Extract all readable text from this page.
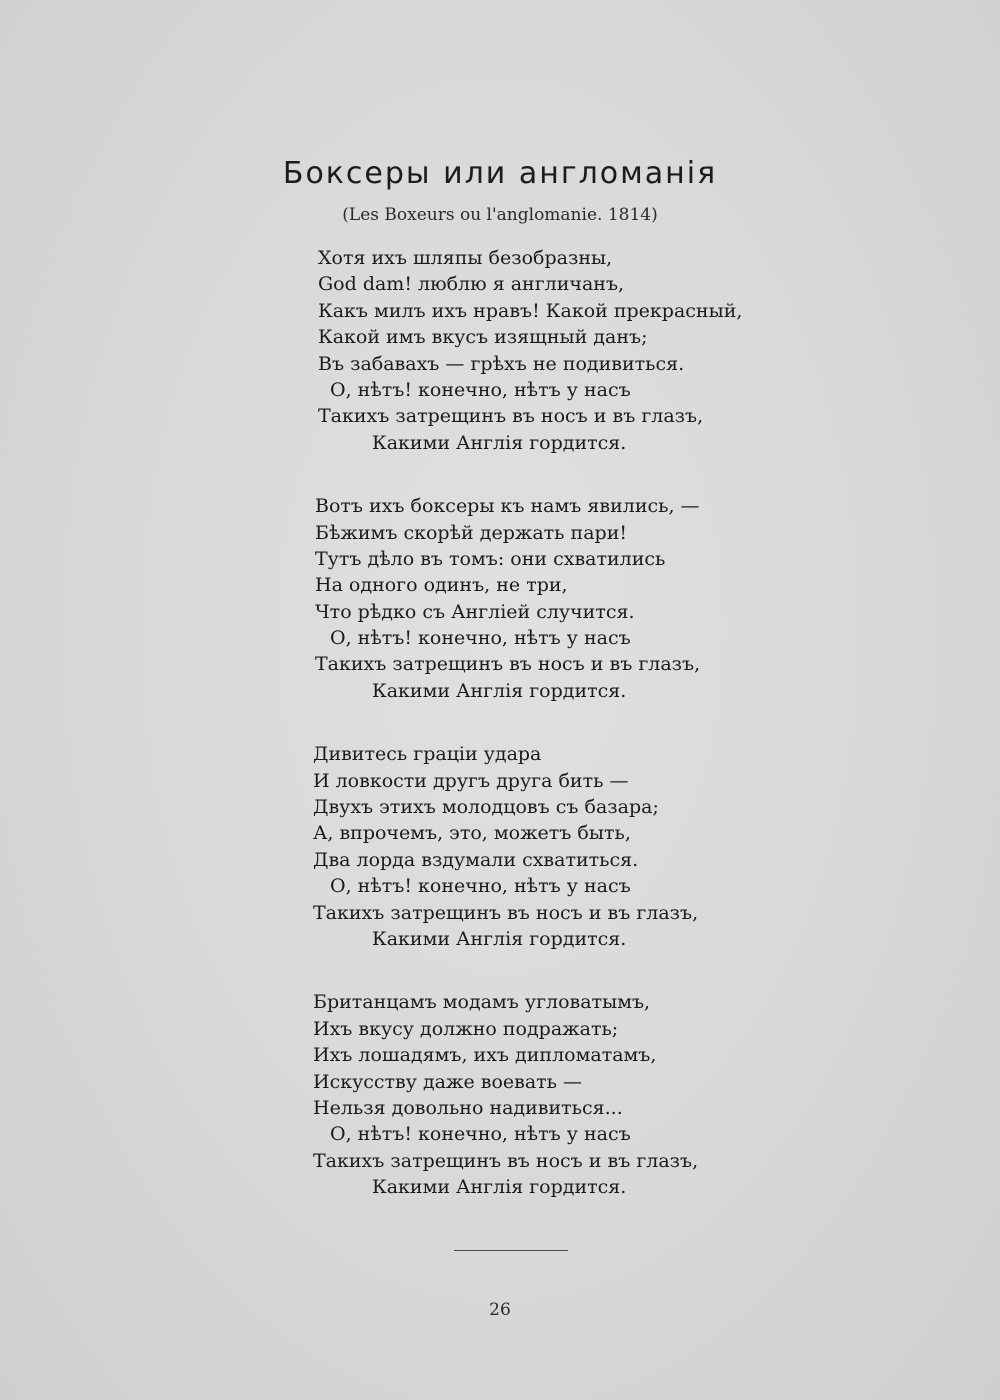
Боксеры или англоманія
(Les Boxeurs ou l'anglomanie. 1814)
Хотя ихъ шляпы безобразны,
God dam! люблю я англичанъ,
Какъ милъ ихъ нравъ! Какой прекрасный,
Какой имъ вкусъ изящный данъ;
Въ забавахъ — грѣхъ не подивиться.
О, нѣтъ! конечно, нѣтъ у насъ
Такихъ затрещинъ въ носъ и въ глазъ,
Какими Англія гордится.
Вотъ ихъ боксеры къ намъ явились, —
Бѣжимъ скорѣй держать пари!
Тутъ дѣло въ томъ: они схватились
На одного одинъ, не три,
Что рѣдко съ Англіей случится.
О, нѣтъ! конечно, нѣтъ у насъ
Такихъ затрещинъ въ носъ и въ глазъ,
Какими Англія гордится.
Дивитесь граціи удара
И ловкости другъ друга бить —
Двухъ этихъ молодцовъ съ базара;
А, впрочемъ, это, можетъ быть,
Два лорда вздумали схватиться.
О, нѣтъ! конечно, нѣтъ у насъ
Такихъ затрещинъ въ носъ и въ глазъ,
Какими Англія гордится.
Британцамъ модамъ угловатымъ,
Ихъ вкусу должно подражать;
Ихъ лошадямъ, ихъ дипломатамъ,
Искусству даже воевать —
Нельзя довольно надивиться...
О, нѣтъ! конечно, нѣтъ у насъ
Такихъ затрещинъ въ носъ и въ глазъ,
Какими Англія гордится.
26
